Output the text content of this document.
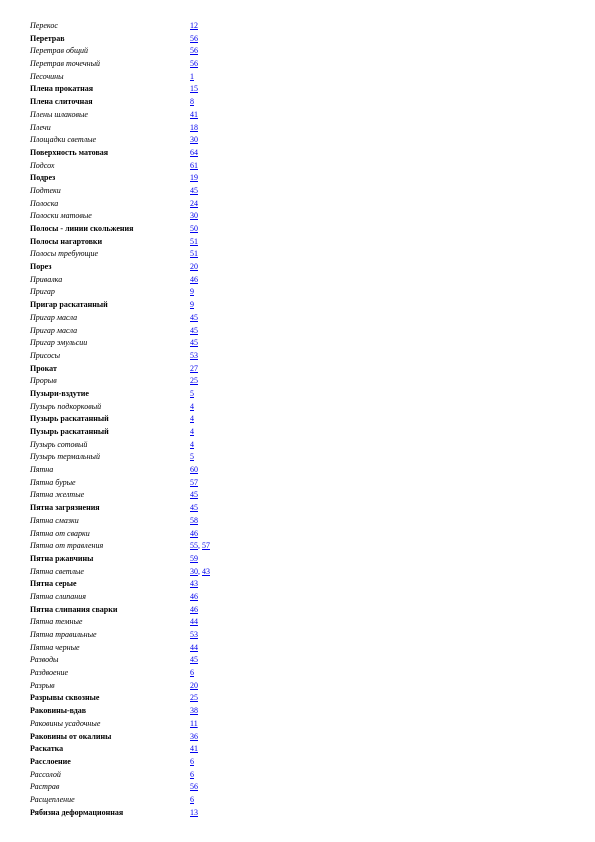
Перекос	12
Перетрав	56
Перетрав общий	56
Перетрав точечный	56
Песочины	1
Плена прокатная	15
Плена слиточная	8
Плены шлаковые	41
Плечи	18
Площадки светлые	30
Поверхность матовая	64
Подсох	61
Подрез	19
Подтеки	45
Полоска	24
Полоски матовые	30
Полосы - линии скольжения	50
Полосы нагартовки	51
Полосы требующие	51
Порез	20
Привалка	46
Пригар	9
Пригар раскатанный	9
Пригар масла	45
Пригар масла	45
Пригар эмульсии	45
Присосы	53
Прокат	27
Прорыв	25
Пузыри-вздутие	5
Пузырь подкорковый	4
Пузырь раскатанный	4
Пузырь раскатанный	4
Пузырь сотовый	4
Пузырь термальный	5
Пятна	60
Пятна бурые	57
Пятна желтые	45
Пятна загрязнения	45
Пятна смазки	58
Пятна от сварки	46
Пятна от травления	55, 57
Пятна ржавчины	59
Пятна светлые	30, 43
Пятна серые	43
Пятна слипания	46
Пятна слипания сварки	46
Пятна темные	44
Пятна травильные	53
Пятна черные	44
Разводы	45
Раздвоение	6
Разрыв	20
Разрывы сквозные	25
Раковины-вдав	38
Раковины усадочные	11
Раковины от окалины	36
Раскатка	41
Расслоение	6
Рассолой	6
Растрав	56
Расщепление	6
Рябизна деформационная	13
